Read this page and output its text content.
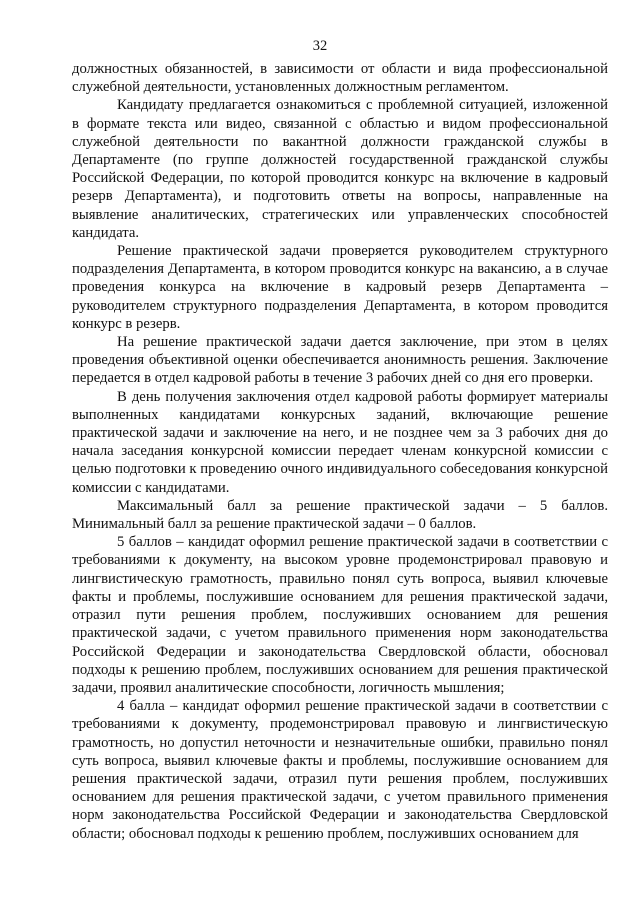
32

должностных обязанностей, в зависимости от области и вида профессиональной служебной деятельности, установленных должностным регламентом.

Кандидату предлагается ознакомиться с проблемной ситуацией, изложенной в формате текста или видео, связанной с областью и видом профессиональной служебной деятельности по вакантной должности гражданской службы в Департаменте (по группе должностей государственной гражданской службы Российской Федерации, по которой проводится конкурс на включение в кадровый резерв Департамента), и подготовить ответы на вопросы, направленные на выявление аналитических, стратегических или управленческих способностей кандидата.

Решение практической задачи проверяется руководителем структурного подразделения Департамента, в котором проводится конкурс на вакансию, а в случае проведения конкурса на включение в кадровый резерв Департамента – руководителем структурного подразделения Департамента, в котором проводится конкурс в резерв.

На решение практической задачи дается заключение, при этом в целях проведения объективной оценки обеспечивается анонимность решения. Заключение передается в отдел кадровой работы в течение 3 рабочих дней со дня его проверки.

В день получения заключения отдел кадровой работы формирует материалы выполненных кандидатами конкурсных заданий, включающие решение практической задачи и заключение на него, и не позднее чем за 3 рабочих дня до начала заседания конкурсной комиссии передает членам конкурсной комиссии с целью подготовки к проведению очного индивидуального собеседования конкурсной комиссии с кандидатами.

Максимальный балл за решение практической задачи – 5 баллов. Минимальный балл за решение практической задачи – 0 баллов.

5 баллов – кандидат оформил решение практической задачи в соответствии с требованиями к документу, на высоком уровне продемонстрировал правовую и лингвистическую грамотность, правильно понял суть вопроса, выявил ключевые факты и проблемы, послужившие основанием для решения практической задачи, отразил пути решения проблем, послуживших основанием для решения практической задачи, с учетом правильного применения норм законодательства Российской Федерации и законодательства Свердловской области, обосновал подходы к решению проблем, послуживших основанием для решения практической задачи, проявил аналитические способности, логичность мышления;

4 балла – кандидат оформил решение практической задачи в соответствии с требованиями к документу, продемонстрировал правовую и лингвистическую грамотность, но допустил неточности и незначительные ошибки, правильно понял суть вопроса, выявил ключевые факты и проблемы, послужившие основанием для решения практической задачи, отразил пути решения проблем, послуживших основанием для решения практической задачи, с учетом правильного применения норм законодательства Российской Федерации и законодательства Свердловской области; обосновал подходы к решению проблем, послуживших основанием для
